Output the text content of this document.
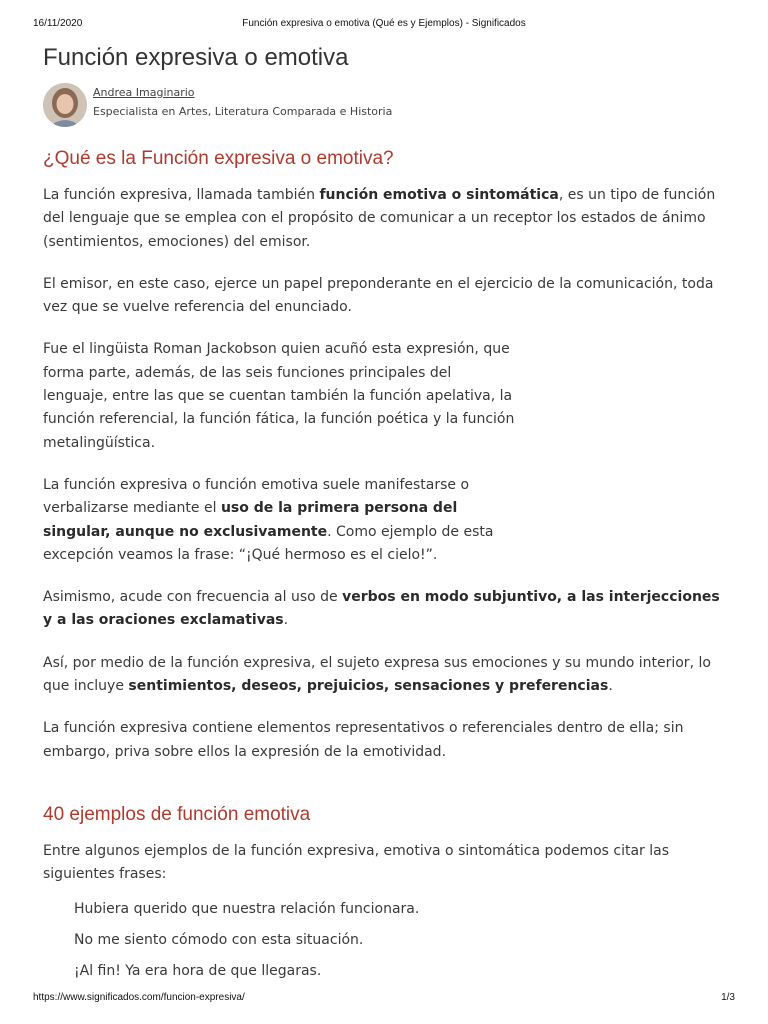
16/11/2020	Función expresiva o emotiva (Qué es y Ejemplos) - Significados
Función expresiva o emotiva
Andrea Imaginario
Especialista en Artes, Literatura Comparada e Historia
¿Qué es la Función expresiva o emotiva?

La función expresiva, llamada también función emotiva o sintomática, es un tipo de función del lenguaje que se emplea con el propósito de comunicar a un receptor los estados de ánimo (sentimientos, emociones) del emisor.

El emisor, en este caso, ejerce un papel preponderante en el ejercicio de la comunicación, toda vez que se vuelve referencia del enunciado.

Fue el lingüista Roman Jackobson quien acuñó esta expresión, que forma parte, además, de las seis funciones principales del lenguaje, entre las que se cuentan también la función apelativa, la función referencial, la función fática, la función poética y la función metalingüística.

La función expresiva o función emotiva suele manifestarse o verbalizarse mediante el uso de la primera persona del singular, aunque no exclusivamente. Como ejemplo de esta excepción veamos la frase: “¡Qué hermoso es el cielo!”.

Asimismo, acude con frecuencia al uso de verbos en modo subjuntivo, a las interjecciones y a las oraciones exclamativas.

Así, por medio de la función expresiva, el sujeto expresa sus emociones y su mundo interior, lo que incluye sentimientos, deseos, prejuicios, sensaciones y preferencias.

La función expresiva contiene elementos representativos o referenciales dentro de ella; sin embargo, priva sobre ellos la expresión de la emotividad.

40 ejemplos de función emotiva

Entre algunos ejemplos de la función expresiva, emotiva o sintomática podemos citar las siguientes frases:

Hubiera querido que nuestra relación funcionara.
No me siento cómodo con esta situación.
¡Al fin! Ya era hora de que llegaras.
https://www.significados.com/funcion-expresiva/	1/3
